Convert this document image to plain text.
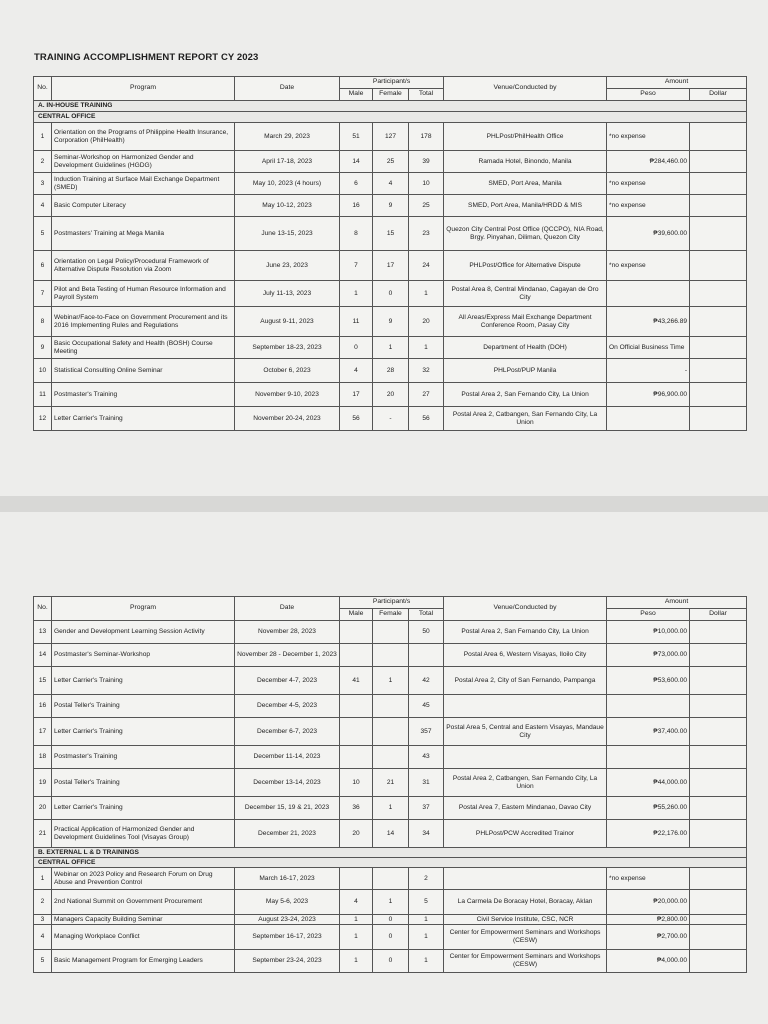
TRAINING ACCOMPLISHMENT REPORT CY 2023
No.	Program	Date	Participant/s			Venue/Conducted by	Amount	
			Male	Female	Total		Peso	Dollar
A. IN-HOUSE TRAINING								
CENTRAL OFFICE								
1	Orientation on the Programs of Philippine Health Insurance, Corporation (PhilHealth)	March 29, 2023	51	127	178	PHLPost/PhilHealth Office	*no expense	
2	Seminar-Workshop on Harmonized Gender and Development Guidelines (HGDG)	April 17-18, 2023	14	25	39	Ramada Hotel, Binondo, Manila	₱284,460.00	
3	Induction Training at Surface Mail Exchange Department (SMED)	May 10, 2023 (4 hours)	6	4	10	SMED, Port Area, Manila	*no expense	
4	Basic Computer Literacy	May 10-12, 2023	16	9	25	SMED, Port Area, Manila/HRDD & MIS	*no expense	
5	Postmasters' Training at Mega Manila	June 13-15, 2023	8	15	23	Quezon City Central Post Office (QCCPO), NIA Road, Brgy. Pinyahan, Diliman, Quezon City	₱39,600.00	
6	Orientation on Legal Policy/Procedural Framework of Alternative Dispute Resolution via Zoom	June 23, 2023	7	17	24	PHLPost/Office for Alternative Dispute	*no expense	
7	Pilot and Beta Testing of Human Resource Information and Payroll System	July 11-13, 2023	1	0	1	Postal Area 8, Central Mindanao, Cagayan de Oro City		
8	Webinar/Face-to-Face on Government Procurement and its 2016 Implementing Rules and Regulations	August 9-11, 2023	11	9	20	All Areas/Express Mail Exchange Department Conference Room, Pasay City	₱43,266.89	
9	Basic Occupational Safety and Health (BOSH) Course Meeting	September 18-23, 2023	0	1	1	Department of Health (DOH)	On Official Business Time	
10	Statistical Consulting Online Seminar	October 6, 2023	4	28	32	PHLPost/PUP Manila	-	
11	Postmaster's Training	November 9-10, 2023	17	20	27	Postal Area 2, San Fernando City, La Union	₱96,900.00	
12	Letter Carrier's Training	November 20-24, 2023	56	-	56	Postal Area 2, Catbangen, San Fernando City, La Union		
No.	Program	Date	Participant/s			Venue/Conducted by	Amount	
			Male	Female	Total		Peso	Dollar
13	Gender and Development Learning Session Activity	November 28, 2023			50	Postal Area 2, San Fernando City, La Union	₱10,000.00	
14	Postmaster's Seminar-Workshop	November 28 - December 1, 2023				Postal Area 6, Western Visayas, Iloilo City	₱73,000.00	
15	Letter Carrier's Training	December 4-7, 2023	41	1	42	Postal Area 2, City of San Fernando, Pampanga	₱53,600.00	
16	Postal Teller's Training	December 4-5, 2023			45			
17	Letter Carrier's Training	December 6-7, 2023			357	Postal Area 5, Central and Eastern Visayas, Mandaue City	₱37,400.00	
18	Postmaster's Training	December 11-14, 2023			43			
19	Postal Teller's Training	December 13-14, 2023	10	21	31	Postal Area 2, Catbangen, San Fernando City, La Union	₱44,000.00	
20	Letter Carrier's Training	December 15, 19 & 21, 2023	36	1	37	Postal Area 7, Eastern Mindanao, Davao City	₱55,260.00	
21	Practical Application of Harmonized Gender and Development Guidelines Tool (Visayas Group)	December 21, 2023	20	14	34	PHLPost/PCW Accredited Trainor	₱22,176.00	
B. EXTERNAL L & D TRAININGS								
CENTRAL OFFICE								
1	Webinar on 2023 Policy and Research Forum on Drug Abuse and Prevention Control	March 16-17, 2023			2		*no expense	
2	2nd National Summit on Government Procurement	May 5-6, 2023	4	1	5	La Carmela De Boracay Hotel, Boracay, Aklan	₱20,000.00	
3	Managers Capacity Building Seminar	August 23-24, 2023	1	0	1	Civil Service Institute, CSC, NCR	₱2,800.00	
4	Managing Workplace Conflict	September 16-17, 2023	1	0	1	Center for Empowerment Seminars and Workshops (CESW)	₱2,700.00	
5	Basic Management Program for Emerging Leaders	September 23-24, 2023	1	0	1	Center for Empowerment Seminars and Workshops (CESW)	₱4,000.00	
